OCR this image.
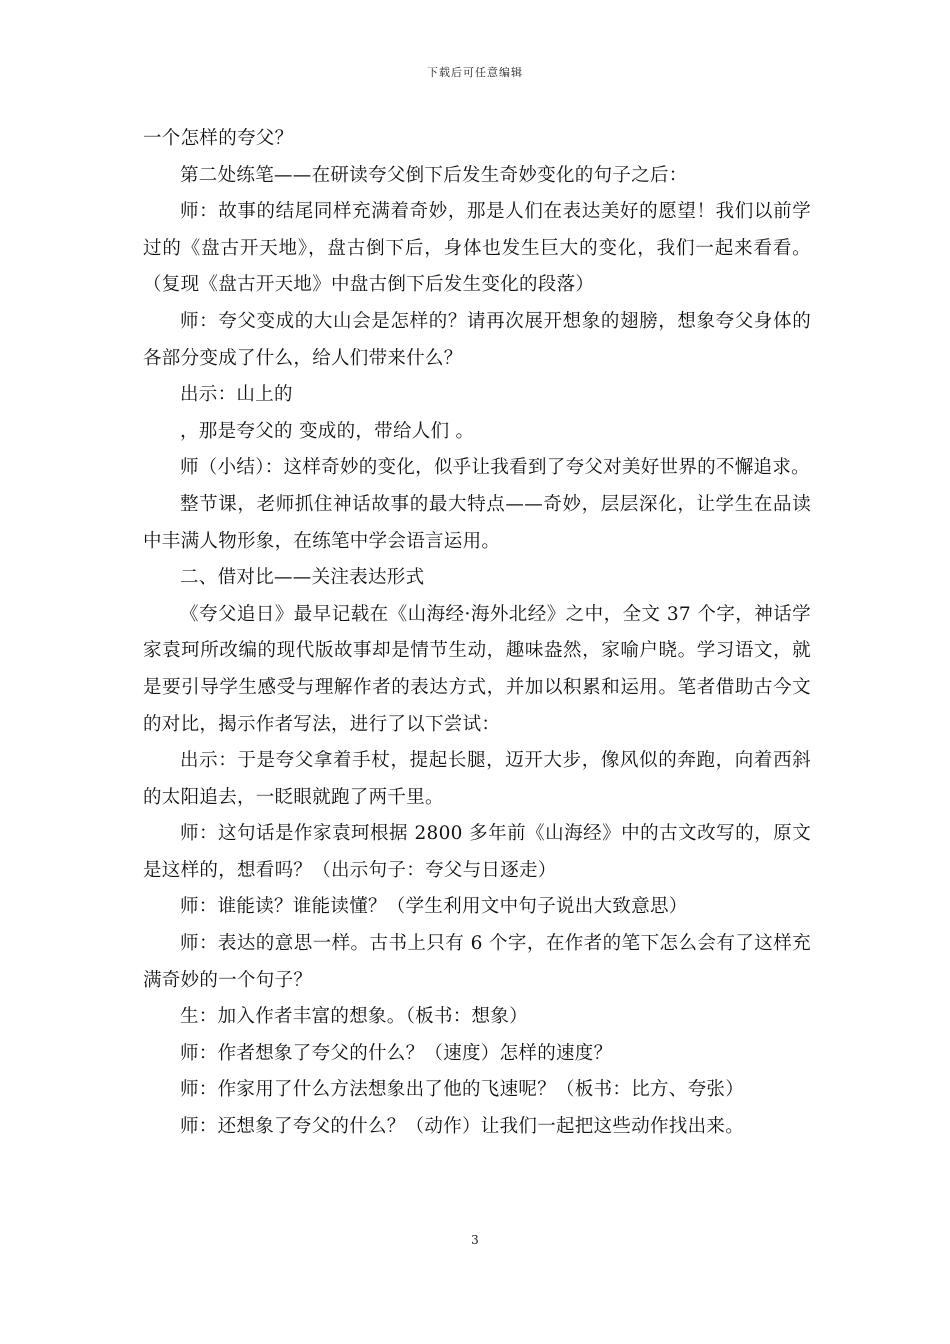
下载后可任意编辑

一个怎样的夸父？

第二处练笔——在研读夸父倒下后发生奇妙变化的句子之后：

师：故事的结尾同样充满着奇妙，那是人们在表达美好的愿望！我们以前学过的《盘古开天地》，盘古倒下后，身体也发生巨大的变化，我们一起来看看。（复现《盘古开天地》中盘古倒下后发生变化的段落）

师：夸父变成的大山会是怎样的？请再次展开想象的翅膀，想象夸父身体的各部分变成了什么，给人们带来什么？

出示：山上的

，那是夸父的 变成的，带给人们 。

师（小结）：这样奇妙的变化，似乎让我看到了夸父对美好世界的不懈追求。

整节课，老师抓住神话故事的最大特点——奇妙，层层深化，让学生在品读中丰满人物形象，在练笔中学会语言运用。

二、借对比——关注表达形式

《夸父追日》最早记载在《山海经·海外北经》之中，全文 37 个字，神话学家袁珂所改编的现代版故事却是情节生动，趣味盎然，家喻户晓。学习语文，就是要引导学生感受与理解作者的表达方式，并加以积累和运用。笔者借助古今文的对比，揭示作者写法，进行了以下尝试：

出示：于是夸父拿着手杖，提起长腿，迈开大步，像风似的奔跑，向着西斜的太阳追去，一眨眼就跑了两千里。

师：这句话是作家袁珂根据 2800 多年前《山海经》中的古文改写的，原文是这样的，想看吗？（出示句子：夸父与日逐走）

师：谁能读？谁能读懂？（学生利用文中句子说出大致意思）

师：表达的意思一样。古书上只有 6 个字，在作者的笔下怎么会有了这样充满奇妙的一个句子？

生：加入作者丰富的想象。（板书：想象）

师：作者想象了夸父的什么？（速度）怎样的速度？

师：作家用了什么方法想象出了他的飞速呢？（板书：比方、夸张）

师：还想象了夸父的什么？（动作）让我们一起把这些动作找出来。

3
